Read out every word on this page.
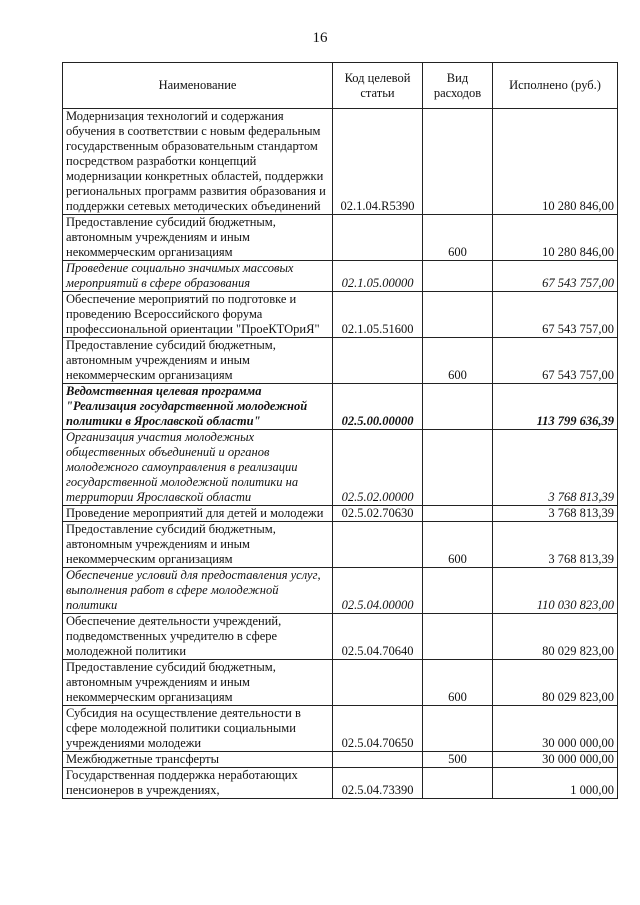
16
Наименование	Код целевой статьи	Вид расходов	Исполнено (руб.)
Модернизация технологий и содержания обучения в соответствии с новым федеральным государственным образовательным стандартом посредством разработки концепций модернизации конкретных областей, поддержки региональных программ развития образования и поддержки сетевых методических объединений	02.1.04.R5390		10 280 846,00
Предоставление субсидий бюджетным, автономным учреждениям и иным некоммерческим организациям		600	10 280 846,00
Проведение социально значимых массовых мероприятий в сфере образования	02.1.05.00000		67 543 757,00
Обеспечение мероприятий по подготовке и проведению Всероссийского форума профессиональной ориентации "ПроеКТОриЯ"	02.1.05.51600		67 543 757,00
Предоставление субсидий бюджетным, автономным учреждениям и иным некоммерческим организациям		600	67 543 757,00
Ведомственная целевая программа "Реализация государственной молодежной политики в Ярославской области"	02.5.00.00000		113 799 636,39
Организация участия молодежных общественных объединений и органов молодежного самоуправления в реализации государственной молодежной политики на территории Ярославской области	02.5.02.00000		3 768 813,39
Проведение мероприятий для детей и молодежи	02.5.02.70630		3 768 813,39
Предоставление субсидий бюджетным, автономным учреждениям и иным некоммерческим организациям		600	3 768 813,39
Обеспечение условий для предоставления услуг, выполнения работ в сфере молодежной политики	02.5.04.00000		110 030 823,00
Обеспечение деятельности учреждений, подведомственных учредителю в сфере молодежной политики	02.5.04.70640		80 029 823,00
Предоставление субсидий бюджетным, автономным учреждениям и иным некоммерческим организациям		600	80 029 823,00
Субсидия на осуществление деятельности в сфере молодежной политики социальными учреждениями молодежи	02.5.04.70650		30 000 000,00
Межбюджетные трансферты		500	30 000 000,00
Государственная поддержка неработающих пенсионеров в учреждениях,	02.5.04.73390		1 000,00
